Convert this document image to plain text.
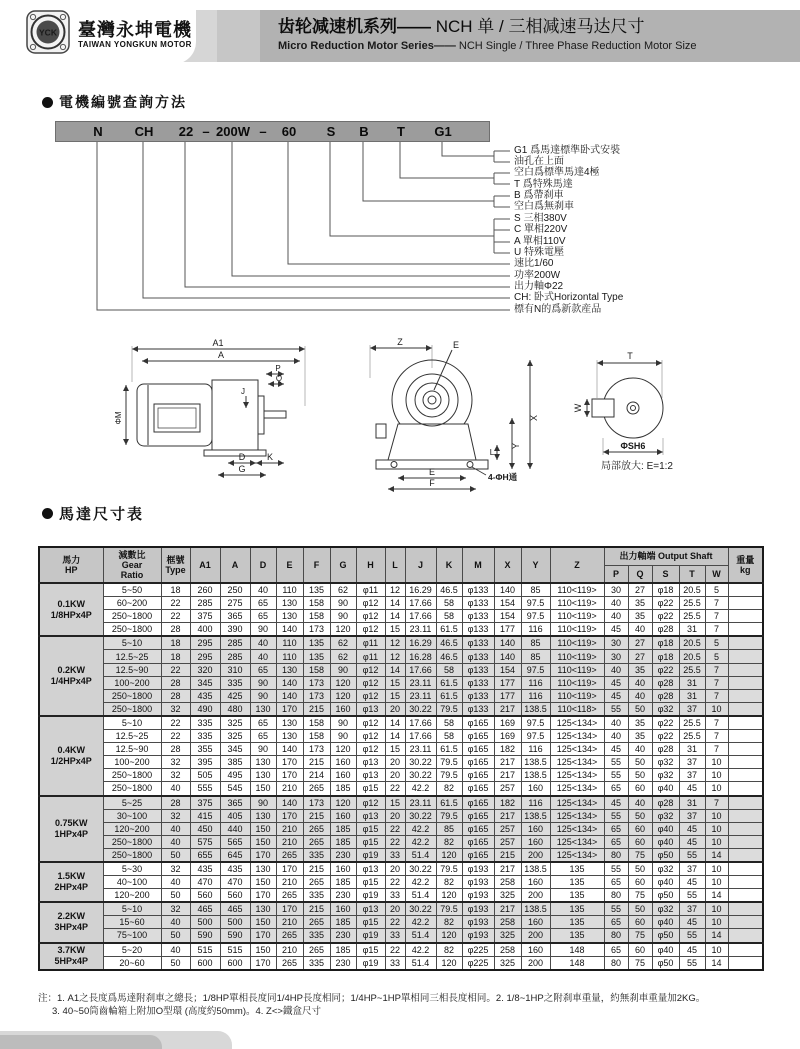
YCK 臺灣永坤電機
TAIWAN YONGKUN MOTOR
齿轮减速机系列—— NCH 单 / 三相减速马达尺寸
Micro Reduction Motor Series—— NCH Single / Three Phase Reduction Motor Size
電機編號查詢方法
N CH 22 – 200W – 60 S B T G1
G1 爲馬達標準卧式安裝
油孔在上面
空白爲標準馬達4極
T 爲特殊馬達
B 爲帶刹車
空白爲無刹車
S 三相380V
C 單相220V
A 單相110V
U 特殊電壓
速比1/60
功率200W
出力軸Φ22
CH: 卧式Horizontal Type
標有N的爲新款産品
A1
A
P
Q
ΦM
J
D K
G
Z	E
X
Y
L
E
F
4-ΦH通
T
W
ΦSH6
局部放大: E=1:2
馬達尺寸表
馬力
HP	減數比
Gear
Ratio	框號
Type	A1	A	D	E	F	G	H	L	J	K	M	X	Y	Z	出力軸端 Output Shaft					重量
kg
																	P	Q	S	T	W	
0.1KW
1/8HPx4P	5~50	18	260	250	40	110	135	62	φ11	12	16.29	46.5	φ133	140	85	110<119>	30	27	φ18	20.5	5	
	60~200	22	285	275	65	130	158	90	φ12	14	17.66	58	φ133	154	97.5	110<119>	40	35	φ22	25.5	7	
	250~1800	22	375	365	65	130	158	90	φ12	14	17.66	58	φ133	154	97.5	110<119>	40	35	φ22	25.5	7	
	250~1800	28	400	390	90	140	173	120	φ12	15	23.11	61.5	φ133	177	116	110<119>	45	40	φ28	31	7	
0.2KW
1/4HPx4P	5~10	18	295	285	40	110	135	62	φ11	12	16.29	46.5	φ133	140	85	110<119>	30	27	φ18	20.5	5	
	12.5~25	18	295	285	40	110	135	62	φ11	12	16.28	46.5	φ133	140	85	110<119>	30	27	φ18	20.5	5	
	12.5~90	22	320	310	65	130	158	90	φ12	14	17.66	58	φ133	154	97.5	110<119>	40	35	φ22	25.5	7	
	100~200	28	345	335	90	140	173	120	φ12	15	23.11	61.5	φ133	177	116	110<119>	45	40	φ28	31	7	
	250~1800	28	435	425	90	140	173	120	φ12	15	23.11	61.5	φ133	177	116	110<119>	45	40	φ28	31	7	
	250~1800	32	490	480	130	170	215	160	φ13	20	30.22	79.5	φ133	217	138.5	110<118>	55	50	φ32	37	10	
0.4KW
1/2HPx4P	5~10	22	335	325	65	130	158	90	φ12	14	17.66	58	φ165	169	97.5	125<134>	40	35	φ22	25.5	7	
	12.5~25	22	335	325	65	130	158	90	φ12	14	17.66	58	φ165	169	97.5	125<134>	40	35	φ22	25.5	7	
	12.5~90	28	355	345	90	140	173	120	φ12	15	23.11	61.5	φ165	182	116	125<134>	45	40	φ28	31	7	
	100~200	32	395	385	130	170	215	160	φ13	20	30.22	79.5	φ165	217	138.5	125<134>	55	50	φ32	37	10	
	250~1800	32	505	495	130	170	214	160	φ13	20	30.22	79.5	φ165	217	138.5	125<134>	55	50	φ32	37	10	
	250~1800	40	555	545	150	210	265	185	φ15	22	42.2	82	φ165	257	160	125<134>	65	60	φ40	45	10	
0.75KW
1HPx4P	5~25	28	375	365	90	140	173	120	φ12	15	23.11	61.5	φ165	182	116	125<134>	45	40	φ28	31	7	
	30~100	32	415	405	130	170	215	160	φ13	20	30.22	79.5	φ165	217	138.5	125<134>	55	50	φ32	37	10	
	120~200	40	450	440	150	210	265	185	φ15	22	42.2	85	φ165	257	160	125<134>	65	60	φ40	45	10	
	250~1800	40	575	565	150	210	265	185	φ15	22	42.2	82	φ165	257	160	125<134>	65	60	φ40	45	10	
	250~1800	50	655	645	170	265	335	230	φ19	33	51.4	120	φ165	215	200	125<134>	80	75	φ50	55	14	
1.5KW
2HPx4P	5~30	32	435	435	130	170	215	160	φ13	20	30.22	79.5	φ193	217	138.5	135	55	50	φ32	37	10	
	40~100	40	470	470	150	210	265	185	φ15	22	42.2	82	φ193	258	160	135	65	60	φ40	45	10	
	120~200	50	560	560	170	265	335	230	φ19	33	51.4	120	φ193	325	200	135	80	75	φ50	55	14	
2.2KW
3HPx4P	5~10	32	465	465	130	170	215	160	φ13	20	30.22	79.5	φ193	217	138.5	135	55	50	φ32	37	10	
	15~60	40	500	500	150	210	265	185	φ15	22	42.2	82	φ193	258	160	135	65	60	φ40	45	10	
	75~100	50	590	590	170	265	335	230	φ19	33	51.4	120	φ193	325	200	135	80	75	φ50	55	14	
3.7KW
5HPx4P	5~20	40	515	515	150	210	265	185	φ15	22	42.2	82	φ225	258	160	148	65	60	φ40	45	10	
	20~60	50	600	600	170	265	335	230	φ19	33	51.4	120	φ225	325	200	148	80	75	φ50	55	14	
注：1. A1之長度爲馬達附刹車之總長；1/8HP單相長度同1/4HP長度相同；1/4HP~1HP單相同三相長度相同。2. 1/8~1HP之附刹車重量，約無刹車重量加2KG。
3. 40~50筒齒輪箱上附加O型環 (高度約50mm)。4. Z<>鐵盒尺寸
